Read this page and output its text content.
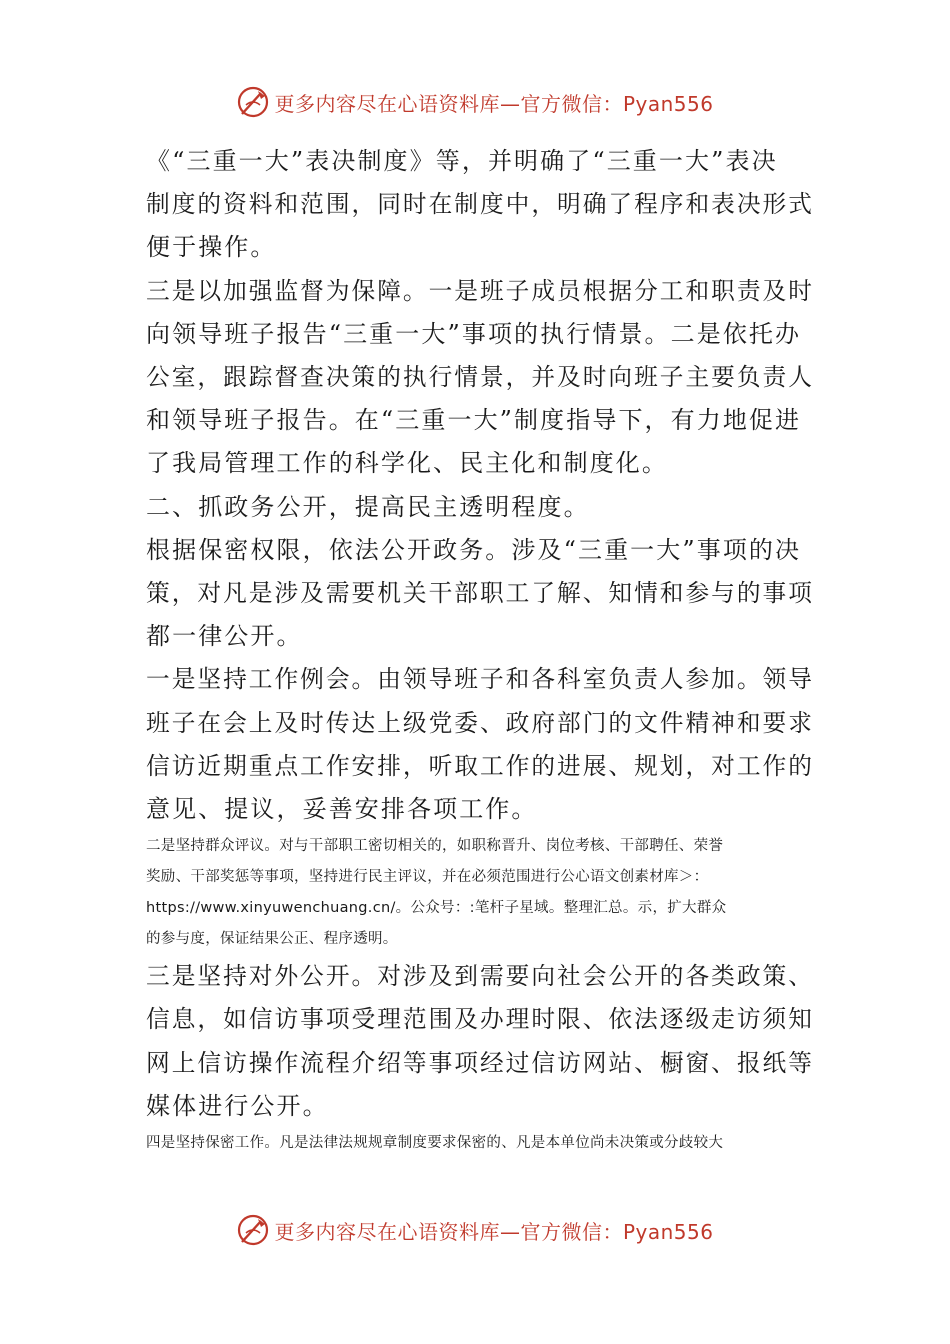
更多内容尽在心语资料库—官方微信：Pyan556

《“三重一大”表决制度》等，并明确了“三重一大”表决

制度的资料和范围，同时在制度中，明确了程序和表决形式

便于操作。

三是以加强监督为保障。一是班子成员根据分工和职责及时

向领导班子报告“三重一大”事项的执行情景。二是依托办

公室，跟踪督查决策的执行情景，并及时向班子主要负责人

和领导班子报告。在“三重一大”制度指导下，有力地促进

了我局管理工作的科学化、民主化和制度化。

二、抓政务公开，提高民主透明程度。

根据保密权限，依法公开政务。涉及“三重一大”事项的决

策，对凡是涉及需要机关干部职工了解、知情和参与的事项

都一律公开。

一是坚持工作例会。由领导班子和各科室负责人参加。领导

班子在会上及时传达上级党委、政府部门的文件精神和要求

信访近期重点工作安排，听取工作的进展、规划，对工作的

意见、提议，妥善安排各项工作。

二是坚持群众评议。对与干部职工密切相关的，如职称晋升、岗位考核、干部聘任、荣誉

奖励、干部奖惩等事项，坚持进行民主评议，并在必须范围进行公心语文创素材库＞：

https://www.xinyuwenchuang.cn/。公众号：:笔杆子星域。整理汇总。示，扩大群众

的参与度，保证结果公正、程序透明。

三是坚持对外公开。对涉及到需要向社会公开的各类政策、

信息，如信访事项受理范围及办理时限、依法逐级走访须知

网上信访操作流程介绍等事项经过信访网站、橱窗、报纸等

媒体进行公开。

四是坚持保密工作。凡是法律法规规章制度要求保密的、凡是本单位尚未决策或分歧较大

更多内容尽在心语资料库—官方微信：Pyan556
